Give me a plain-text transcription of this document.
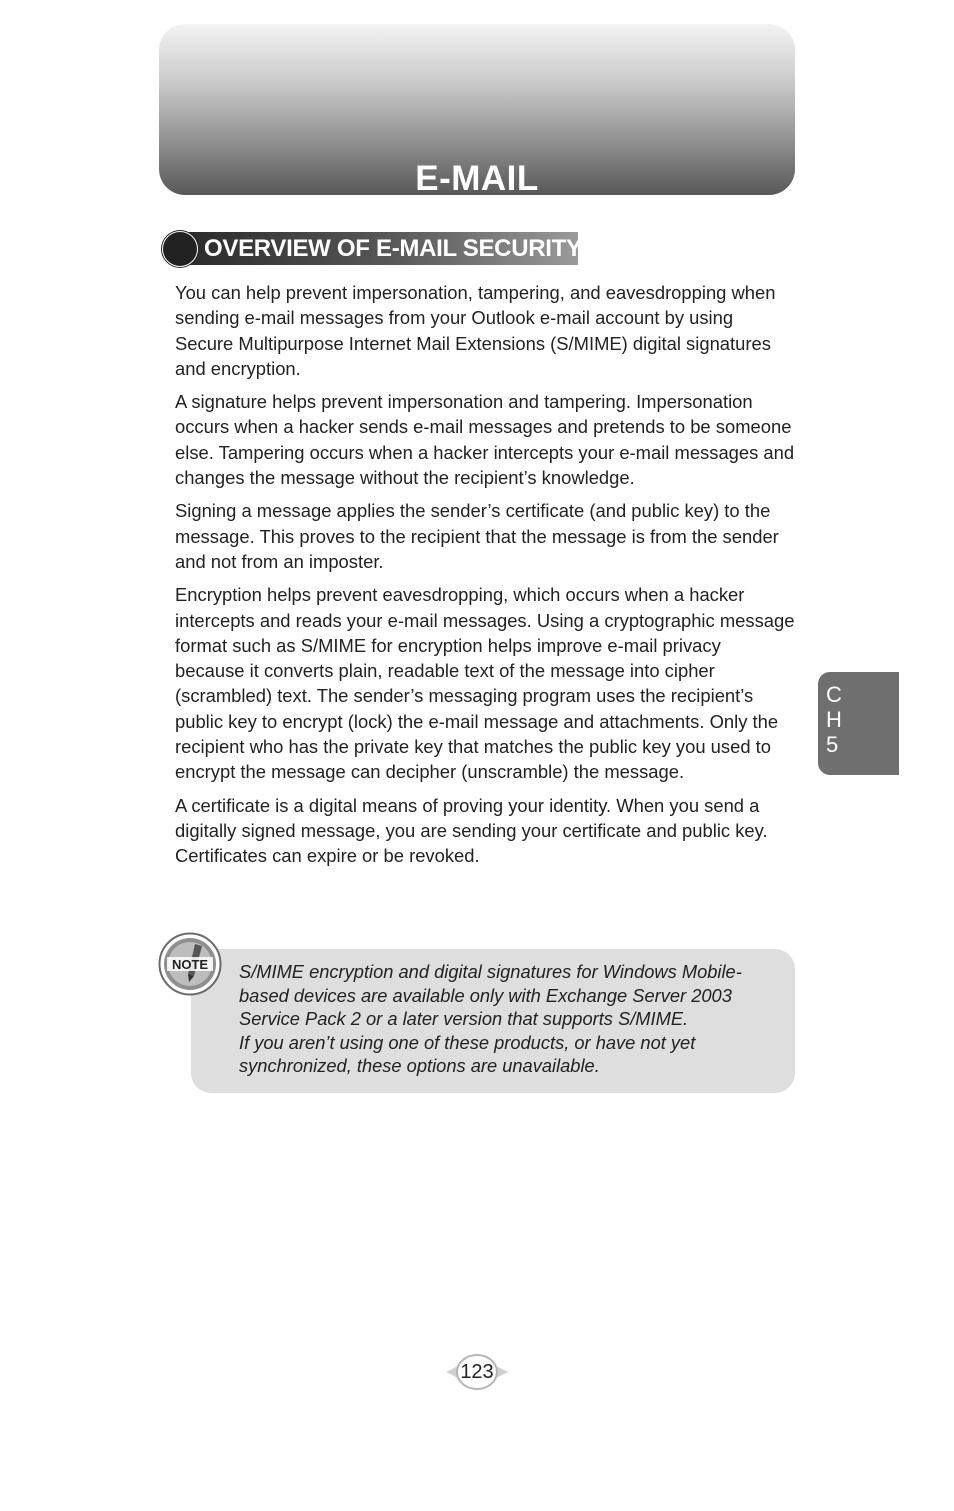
E-MAIL
OVERVIEW OF E-MAIL SECURITY

You can help prevent impersonation, tampering, and eavesdropping when sending e-mail messages from your Outlook e-mail account by using Secure Multipurpose Internet Mail Extensions (S/MIME) digital signatures and encryption.

A signature helps prevent impersonation and tampering. Impersonation occurs when a hacker sends e-mail messages and pretends to be someone else. Tampering occurs when a hacker intercepts your e-mail messages and changes the message without the recipient’s knowledge.

Signing a message applies the sender’s certificate (and public key) to the message. This proves to the recipient that the message is from the sender and not from an imposter.

Encryption helps prevent eavesdropping, which occurs when a hacker intercepts and reads your e-mail messages. Using a cryptographic message format such as S/MIME for encryption helps improve e-mail privacy because it converts plain, readable text of the message into cipher (scrambled) text. The sender’s messaging program uses the recipient’s public key to encrypt (lock) the e-mail message and attachments. Only the recipient who has the private key that matches the public key you used to encrypt the message can decipher (unscramble) the message.

A certificate is a digital means of proving your identity. When you send a digitally signed message, you are sending your certificate and public key. Certificates can expire or be revoked.

S/MIME encryption and digital signatures for Windows Mobile-based devices are available only with Exchange Server 2003 Service Pack 2 or a later version that supports S/MIME.
If you aren’t using one of these products, or have not yet synchronized, these options are unavailable.
NOTE
C
H
5
123
